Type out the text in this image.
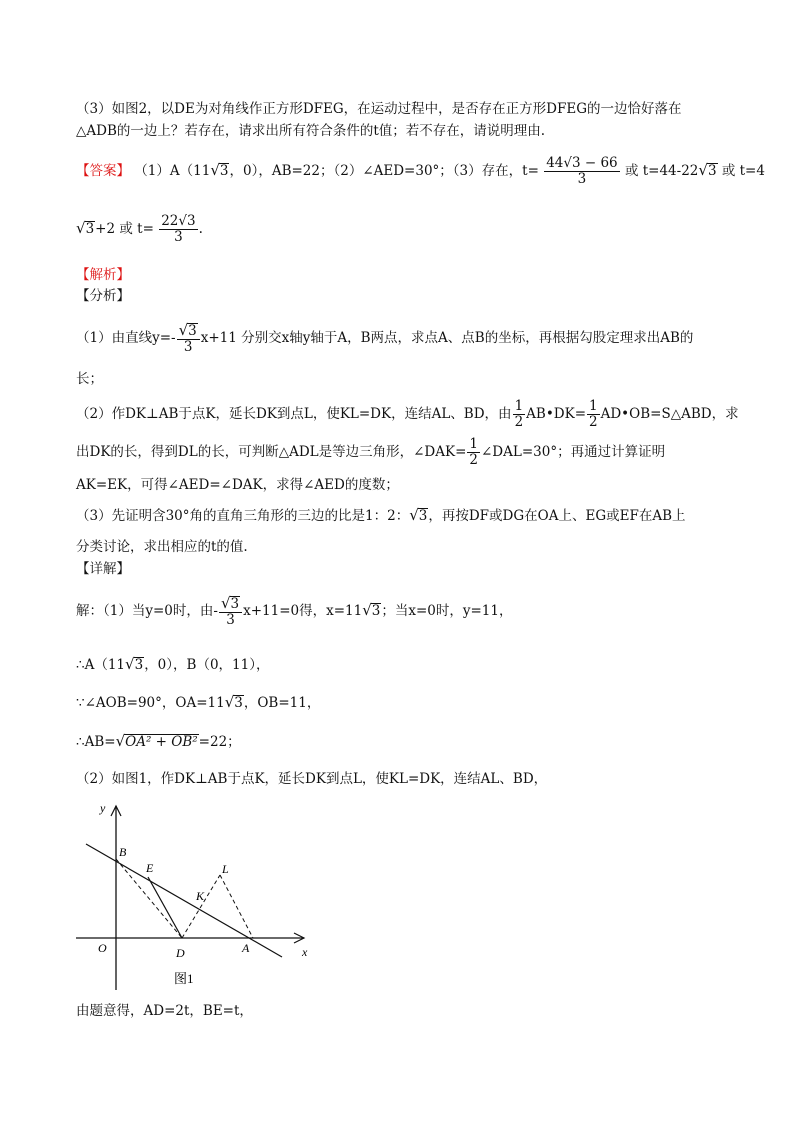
（3）如图2，以DE为对角线作正方形DFEG，在运动过程中，是否存在正方形DFEG的一边恰好落在
△ADB的一边上？若存在，请求出所有符合条件的t值；若不存在，请说明理由.
【答案】 （1）A（11√3，0），AB=22；（2）∠AED=30°；（3）存在，$t= \frac{44√3 - 66}{3}$ 或 t=44-22√3 或 t=4
√3+2 或 $t= \frac{22√3}{3}$ .
【解析】
【分析】
（1）由直线$y=- \frac{√3}{3} x+11$ 分别交x轴y轴于A，B两点，求点A、点B的坐标，再根据勾股定理求出AB的
长；
（2）作DK⊥AB于点K，延长DK到点L，使KL=DK，连结AL、BD，由 $\frac{1}{2}$ AB•DK= $\frac{1}{2}$ AD•OB=S△ABD，求
出DK的长，得到DL的长，可判断△ADL是等边三角形，∠DAK= $\frac{1}{2}$ ∠DAL=30°；再通过计算证明
AK=EK，可得∠AED=∠DAK，求得∠AED的度数；
（3）先证明含30°角的直角三角形的三边的比是1：2：√3，再按DF或DG在OA上、EG或EF在AB上
分类讨论，求出相应的t的值.
【详解】
解：（1）当y=0时，由- $\frac{√3}{3} x+11=0$得，x=11√3；当x=0时，y=11，
∴A（11√3，0），B（0，11），
∵∠AOB=90°，OA=11√3，OB=11，
∴AB=√OA² + OB²=22；
（2）如图1，作DK⊥AB于点K，延长DK到点L，使KL=DK，连结AL、BD，
y
x
O
B
E	L
K
D	A
图1
由题意得，AD=2t，BE=t，
